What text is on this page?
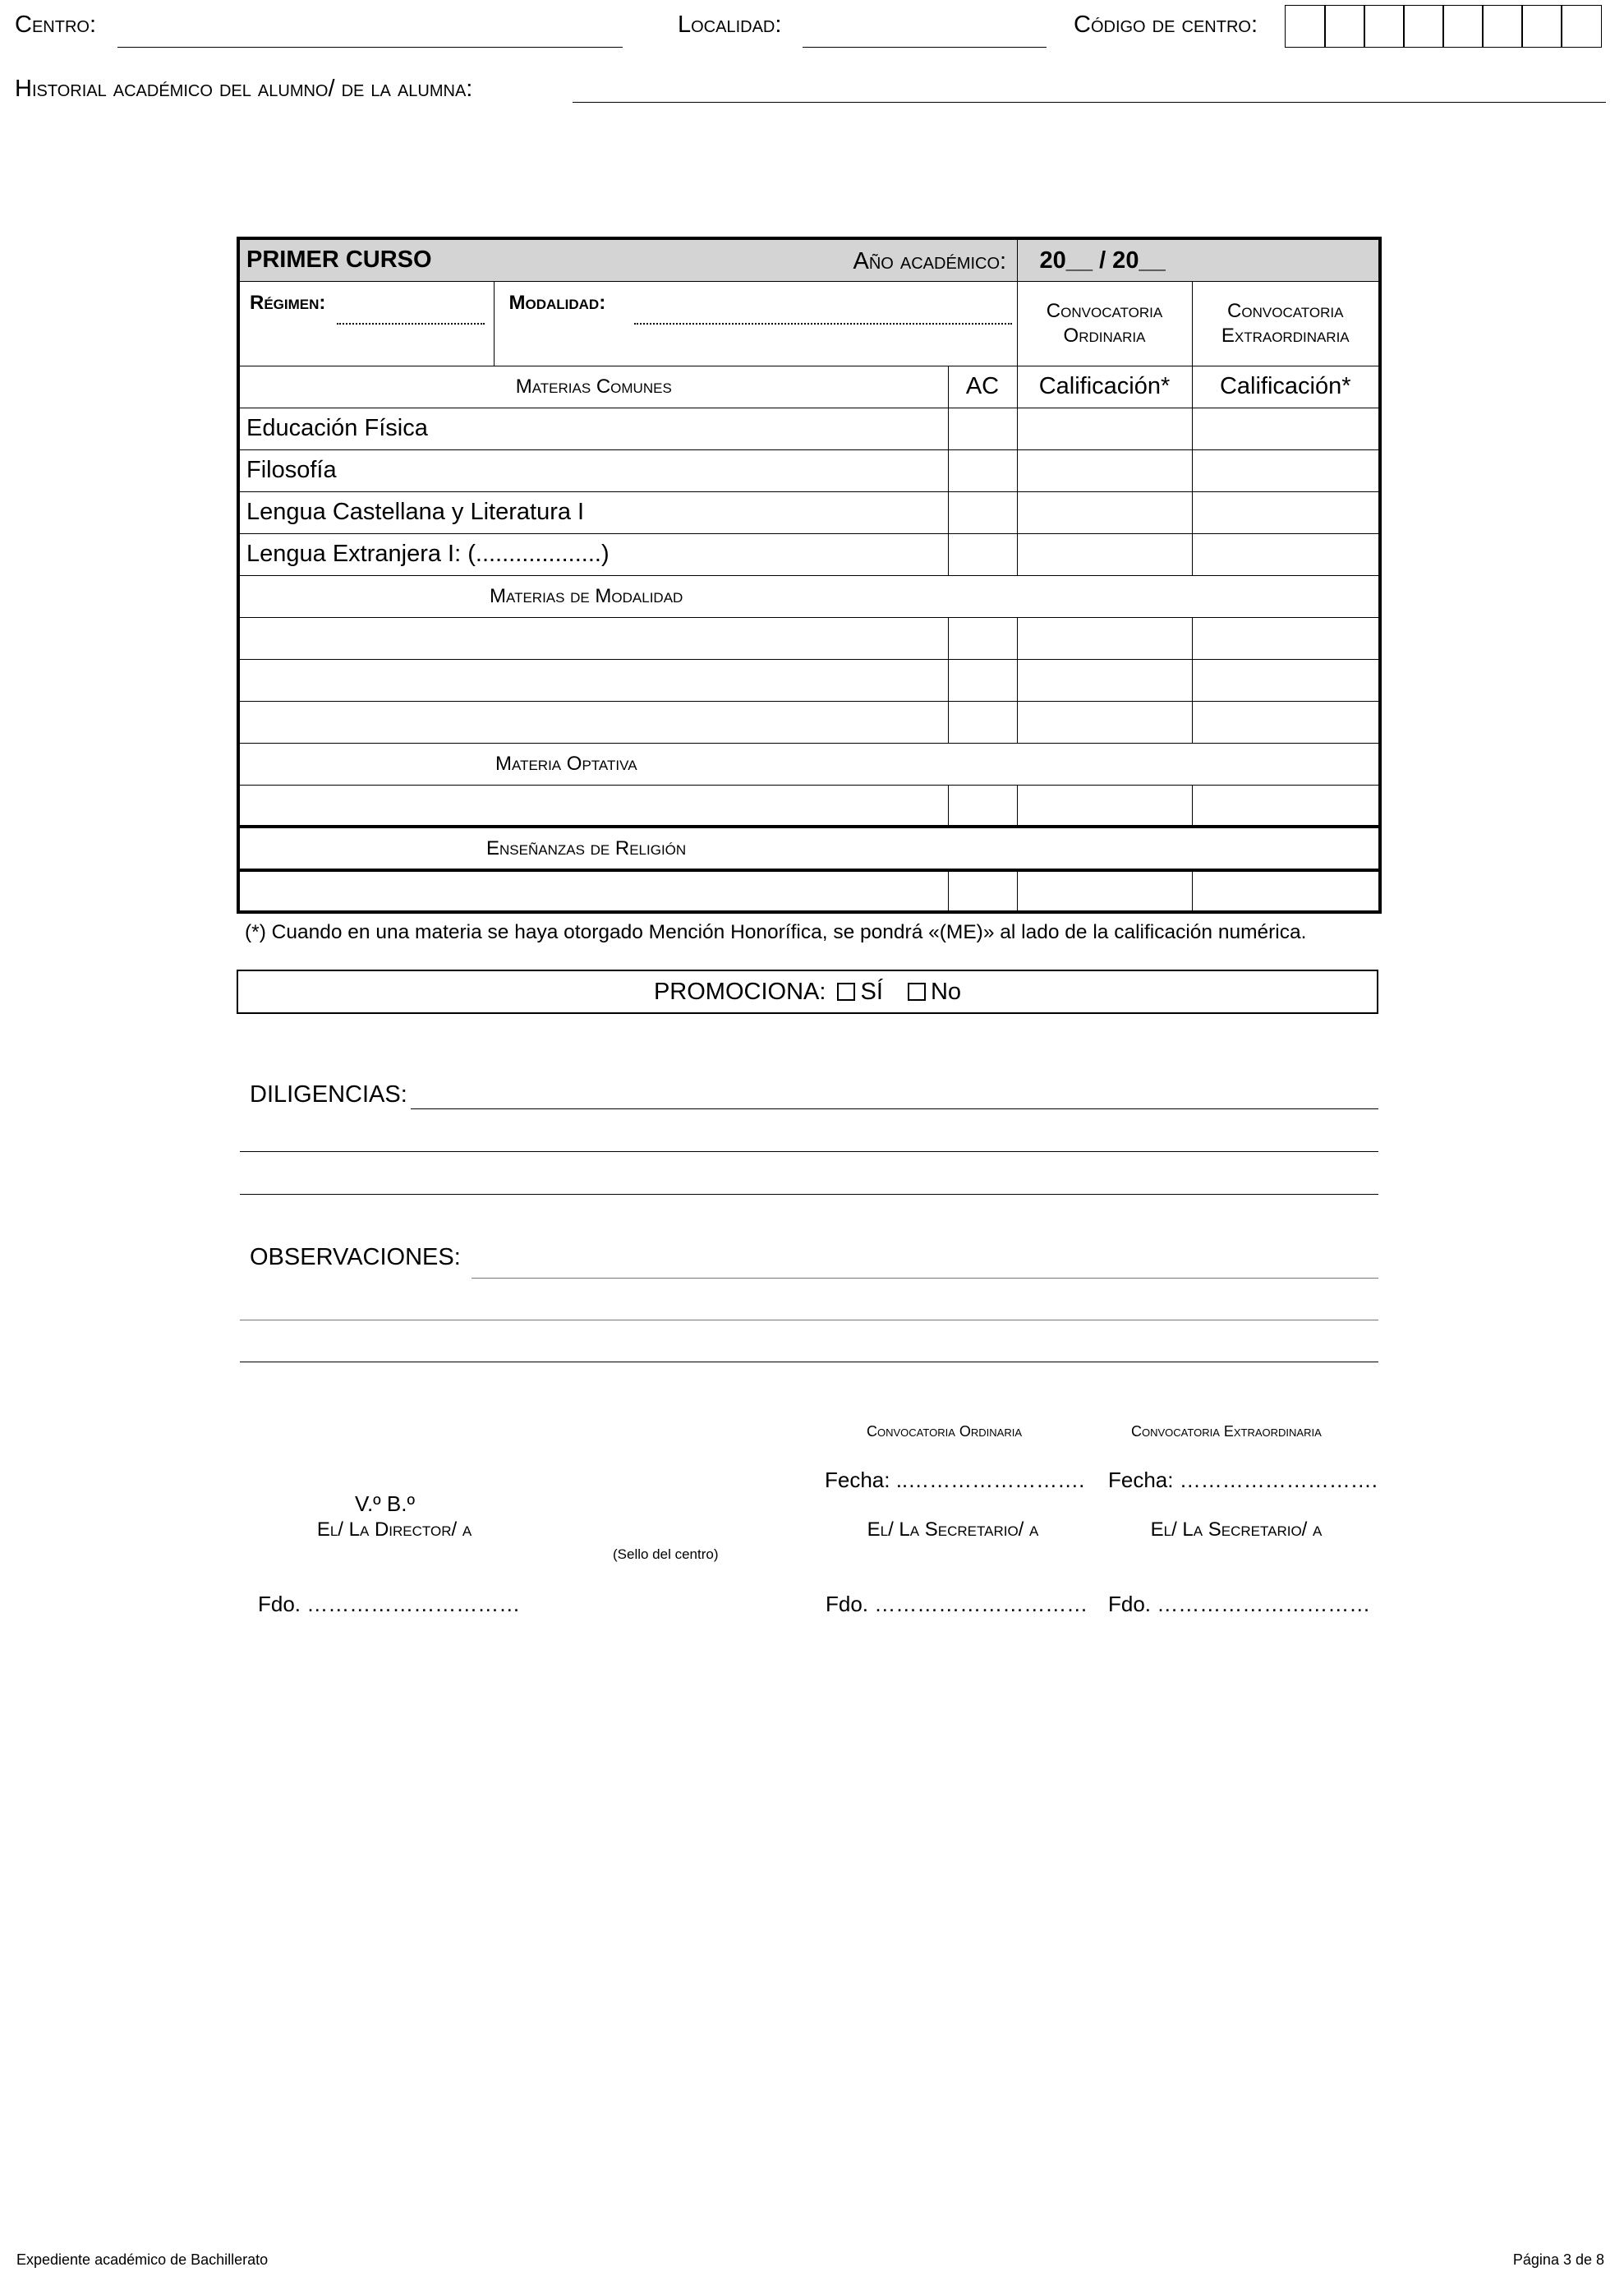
Centro:	Localidad:	Código de centro:
Historial académico del alumno/ de la alumna:
PRIMER CURSO			Año académico: 20__ / 20__	

Régimen:	Modalidad:		Convocatoria Ordinaria	Convocatoria Extraordinaria
Materias Comunes		AC	Calificación*	Calificación*
Educación Física				
Filosofía				
Lengua Castellana y Literatura I				
Lengua Extranjera I: (...................)				
Materias de Modalidad				

Materia Optativa				

Enseñanzas de Religión				

(*) Cuando en una materia se haya otorgado Mención Honorífica, se pondrá «(ME)» al lado de la calificación numérica.
PROMOCIONA: SÍ No
DILIGENCIAS:
OBSERVACIONES:
Convocatoria Ordinaria	Convocatoria Extraordinaria
Fecha: ..……………………. Fecha: ……………………….
V.º B.º
El/ La Director/ a	El/ La Secretario/ a	El/ La Secretario/ a
(Sello del centro)
Fdo. …………………………	Fdo. ………………………… Fdo. …………………………
Expediente académico de Bachillerato	Página 3 de 8
